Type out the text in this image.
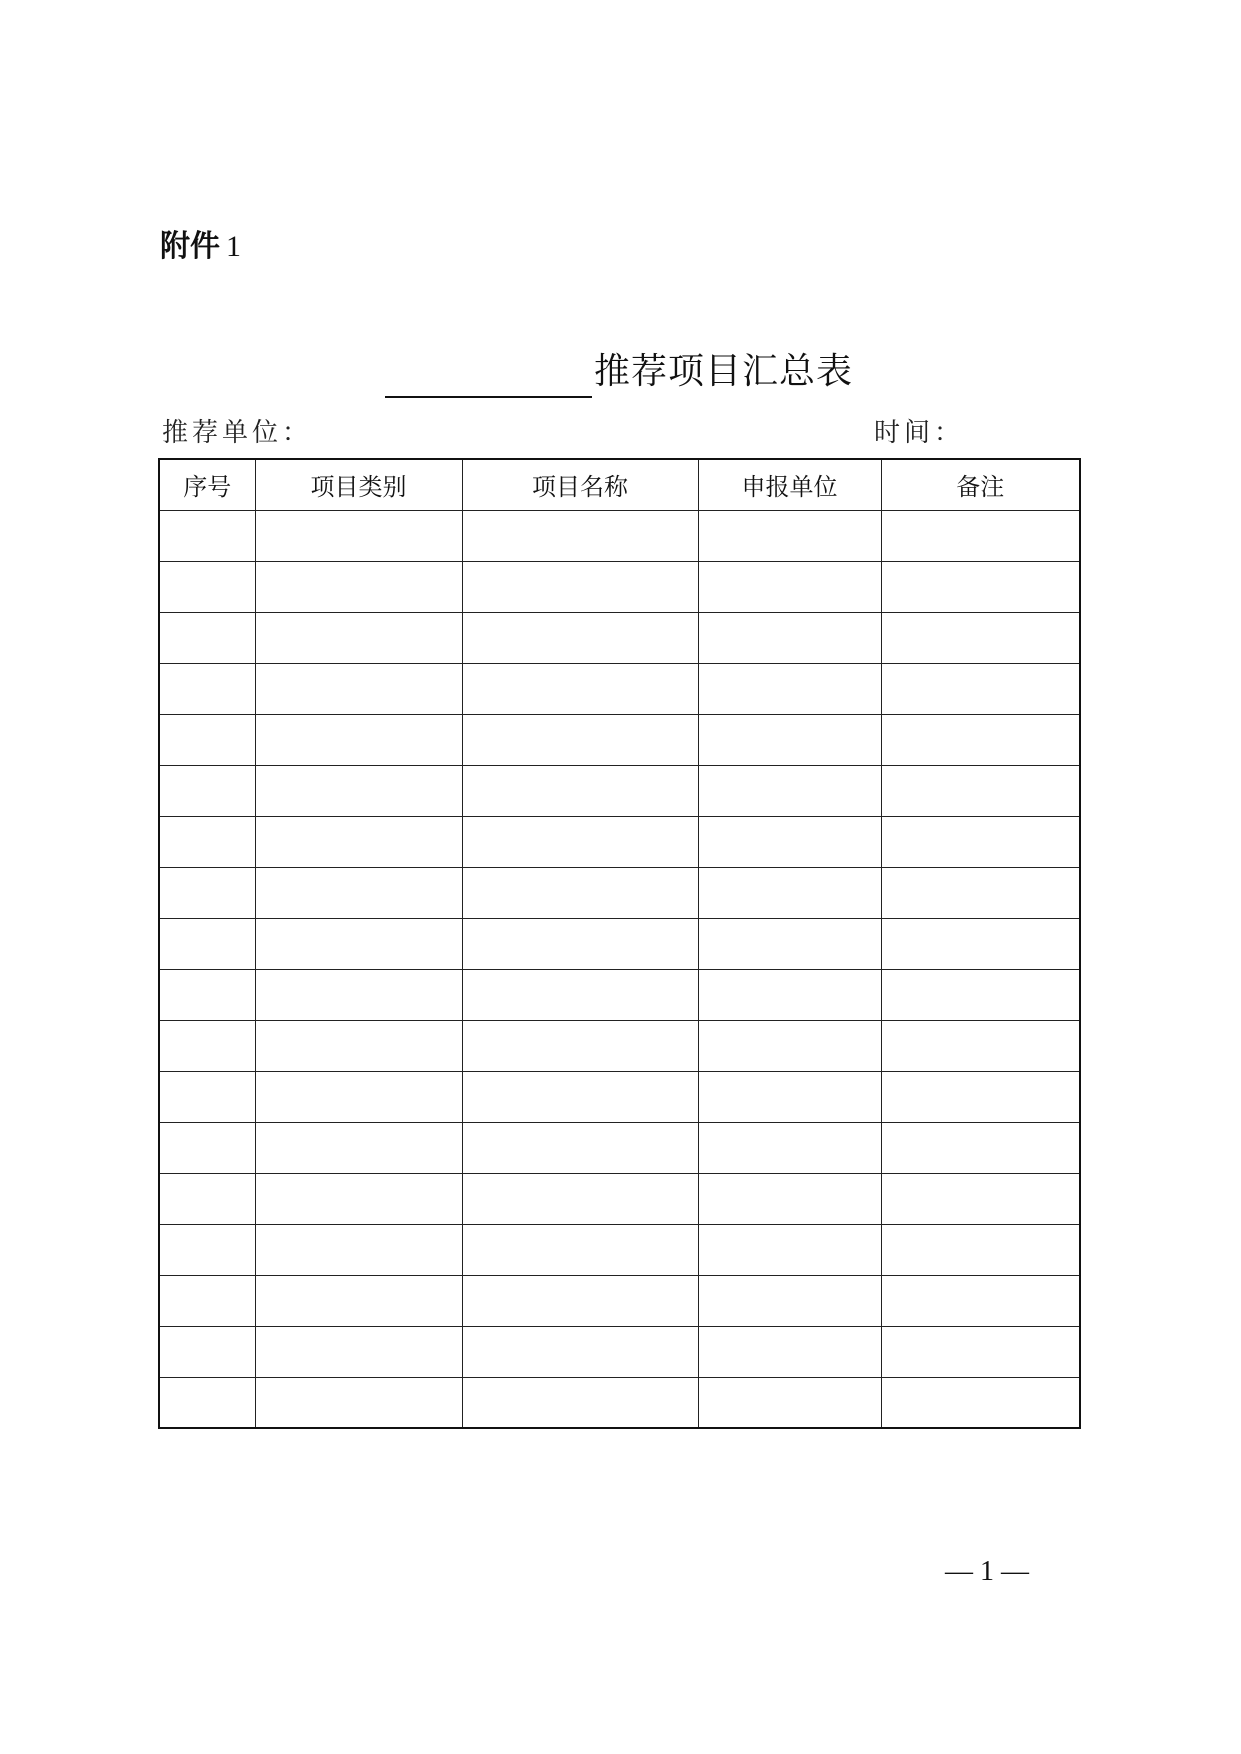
附件 1
推荐项目汇总表
推荐单位：	时间：
序号	项目类别	项目名称	申报单位	备注

— 1 —
